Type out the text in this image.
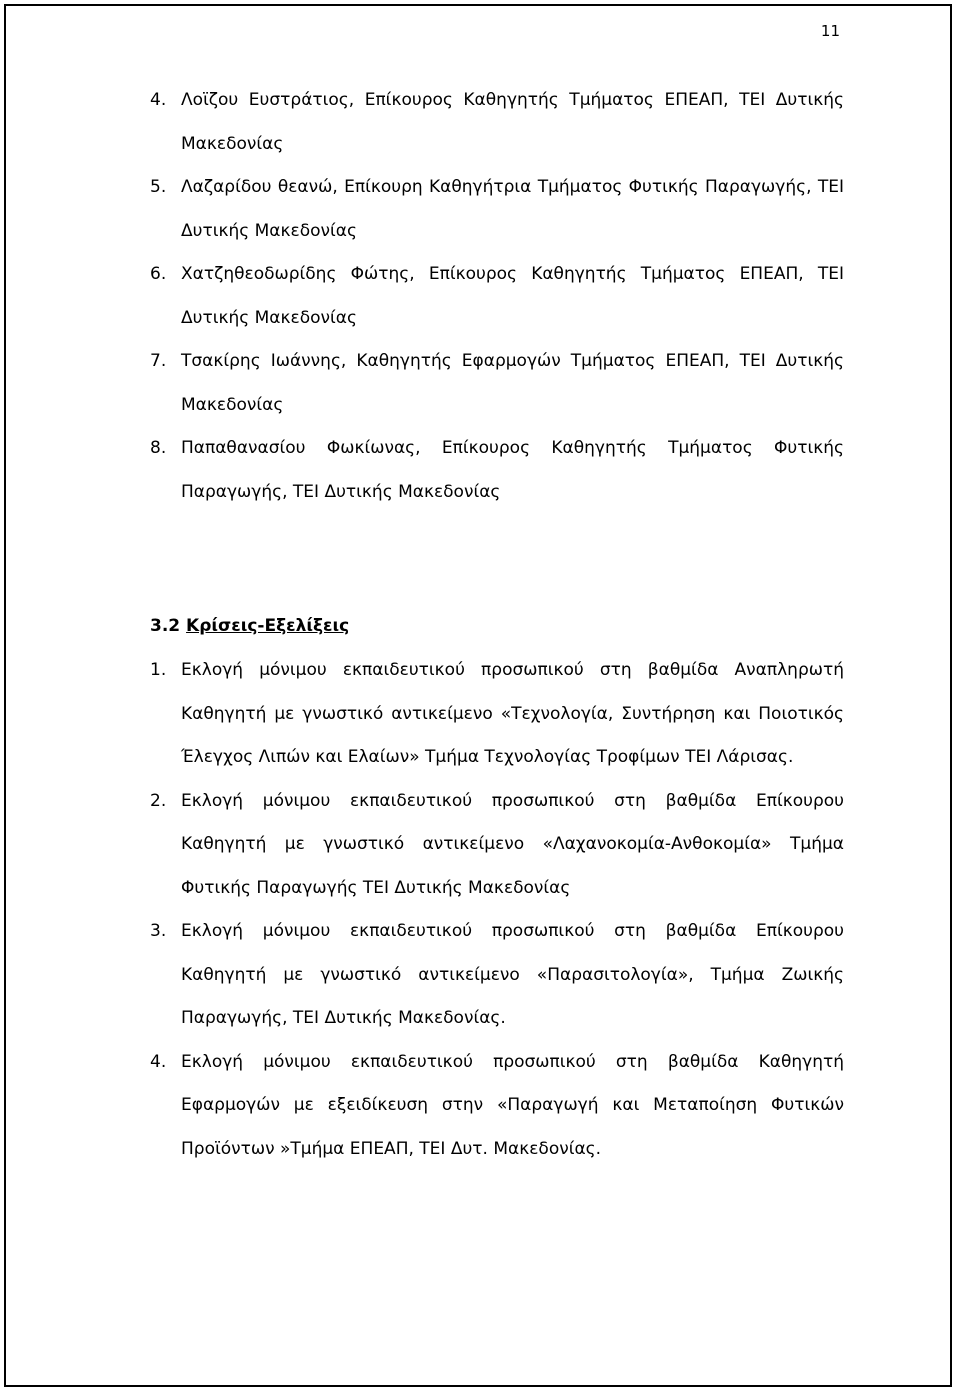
11
4. Λοϊζου Ευστράτιος, Επίκουρος Καθηγητής Τμήματος ΕΠΕΑΠ, ΤΕΙ Δυτικής Μακεδονίας
5. Λαζαρίδου θεανώ, Επίκουρη Καθηγήτρια Τμήματος Φυτικής Παραγωγής, ΤΕΙ Δυτικής Μακεδονίας
6. Χατζηθεοδωρίδης Φώτης, Επίκουρος Καθηγητής Τμήματος ΕΠΕΑΠ, ΤΕΙ Δυτικής Μακεδονίας
7. Τσακίρης Ιωάννης, Καθηγητής Εφαρμογών Τμήματος ΕΠΕΑΠ, ΤΕΙ Δυτικής Μακεδονίας
8. Παπαθανασίου Φωκίωνας, Επίκουρος Καθηγητής Τμήματος Φυτικής Παραγωγής, ΤΕΙ Δυτικής Μακεδονίας
3.2 Κρίσεις-Εξελίξεις
1. Εκλογή μόνιμου εκπαιδευτικού προσωπικού στη βαθμίδα Αναπληρωτή Καθηγητή με γνωστικό αντικείμενο «Τεχνολογία, Συντήρηση και Ποιοτικός Έλεγχος Λιπών και Ελαίων» Τμήμα Τεχνολογίας Τροφίμων ΤΕΙ Λάρισας.
2. Εκλογή μόνιμου εκπαιδευτικού προσωπικού στη βαθμίδα Επίκουρου Καθηγητή με γνωστικό αντικείμενο «Λαχανοκομία-Ανθοκομία» Τμήμα Φυτικής Παραγωγής ΤΕΙ Δυτικής Μακεδονίας
3. Εκλογή μόνιμου εκπαιδευτικού προσωπικού στη βαθμίδα Επίκουρου Καθηγητή με γνωστικό αντικείμενο «Παρασιτολογία», Τμήμα Ζωικής Παραγωγής, ΤΕΙ Δυτικής Μακεδονίας.
4. Εκλογή μόνιμου εκπαιδευτικού προσωπικού στη βαθμίδα Καθηγητή Εφαρμογών με εξειδίκευση στην «Παραγωγή και Μεταποίηση Φυτικών Προϊόντων »Τμήμα ΕΠΕΑΠ, ΤΕΙ Δυτ. Μακεδονίας.
